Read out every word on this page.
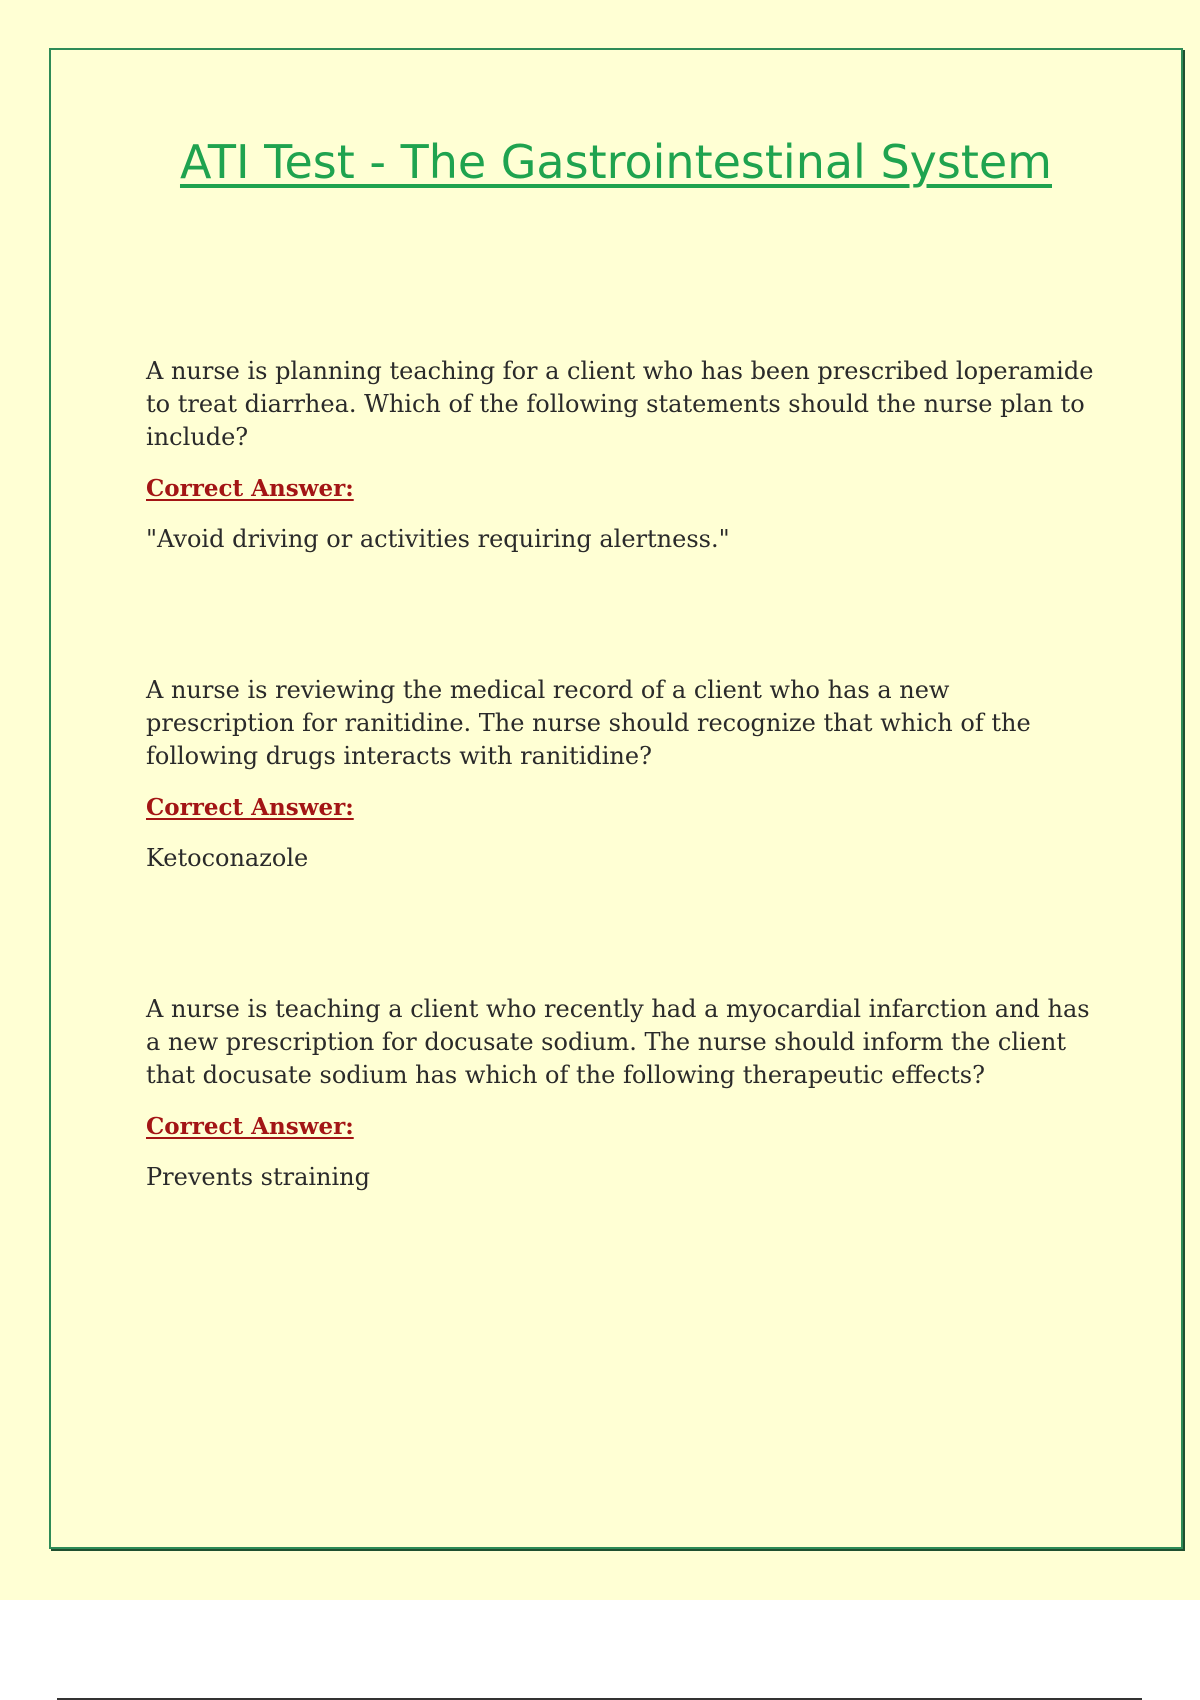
ATI Test - The Gastrointestinal System

A nurse is planning teaching for a client who has been prescribed loperamide to treat diarrhea. Which of the following statements should the nurse plan to include?

Correct Answer:

"Avoid driving or activities requiring alertness."

A nurse is reviewing the medical record of a client who has a new prescription for ranitidine. The nurse should recognize that which of the following drugs interacts with ranitidine?

Correct Answer:

Ketoconazole

A nurse is teaching a client who recently had a myocardial infarction and has a new prescription for docusate sodium. The nurse should inform the client that docusate sodium has which of the following therapeutic effects?

Correct Answer:

Prevents straining
